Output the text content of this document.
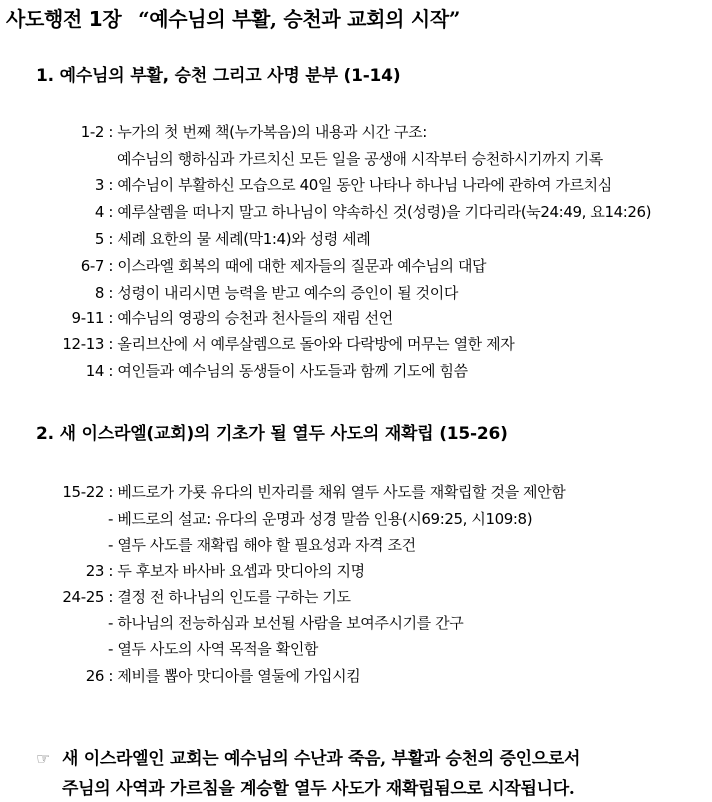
사도행전 1장 “예수님의 부활, 승천과 교회의 시작”
1. 예수님의 부활, 승천 그리고 사명 분부 (1-14)
1-2 : 누가의 첫 번째 책(누가복음)의 내용과 시간 구조:
예수님의 행하심과 가르치신 모든 일을 공생애 시작부터 승천하시기까지 기록
3 : 예수님이 부활하신 모습으로 40일 동안 나타나 하나님 나라에 관하여 가르치심
4 : 예루살렘을 떠나지 말고 하나님이 약속하신 것(성령)을 기다리라(눅24:49, 요14:26)
5 : 세례 요한의 물 세례(막1:4)와 성령 세례
6-7 : 이스라엘 회복의 때에 대한 제자들의 질문과 예수님의 대답
8 : 성령이 내리시면 능력을 받고 예수의 증인이 될 것이다
9-11 : 예수님의 영광의 승천과 천사들의 재림 선언
12-13 : 올리브산에 서 예루살렘으로 돌아와 다락방에 머무는 열한 제자
14 : 여인들과 예수님의 동생들이 사도들과 함께 기도에 힘씀
2. 새 이스라엘(교회)의 기초가 될 열두 사도의 재확립 (15-26)
15-22 : 베드로가 가룟 유다의 빈자리를 채워 열두 사도를 재확립할 것을 제안함
- 베드로의 설교: 유다의 운명과 성경 말씀 인용(시69:25, 시109:8)
- 열두 사도를 재확립 해야 할 필요성과 자격 조건
23 : 두 후보자 바사바 요셉과 맛디아의 지명
24-25 : 결정 전 하나님의 인도를 구하는 기도
- 하나님의 전능하심과 보선될 사람을 보여주시기를 간구
- 열두 사도의 사역 목적을 확인함
26 : 제비를 뽑아 맛디아를 열둘에 가입시킴
☞ 새 이스라엘인 교회는 예수님의 수난과 죽음, 부활과 승천의 증인으로서
주님의 사역과 가르침을 계승할 열두 사도가 재확립됨으로 시작됩니다.
